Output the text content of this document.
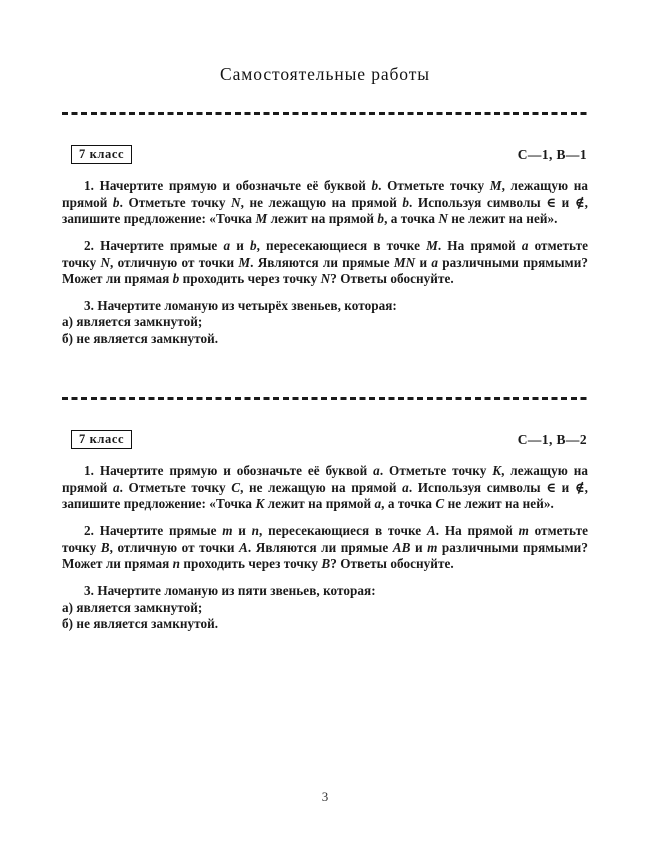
Самостоятельные работы
7 класс	С—1, В—1

1. Начертите прямую и обозначьте её буквой b. Отметьте точку M, лежащую на прямой b. Отметьте точку N, не лежащую на прямой b. Используя символы ∈ и ∉, запишите предложение: «Точка M лежит на прямой b, а точка N не лежит на ней».

2. Начертите прямые a и b, пересекающиеся в точке M. На прямой a отметьте точку N, отличную от точки M. Являются ли прямые MN и a различными прямыми? Может ли прямая b проходить через точку N? Ответы обоснуйте.

3. Начертите ломаную из четырёх звеньев, которая:
а) является замкнутой;
б) не является замкнутой.

7 класс	С—1, В—2

1. Начертите прямую и обозначьте её буквой a. Отметьте точку K, лежащую на прямой a. Отметьте точку C, не лежащую на прямой a. Используя символы ∈ и ∉, запишите предложение: «Точка K лежит на прямой a, а точка C не лежит на ней».

2. Начертите прямые m и n, пересекающиеся в точке A. На прямой m отметьте точку B, отличную от точки A. Являются ли прямые AB и m различными прямыми? Может ли прямая n проходить через точку B? Ответы обоснуйте.

3. Начертите ломаную из пяти звеньев, которая:
а) является замкнутой;
б) не является замкнутой.

3
